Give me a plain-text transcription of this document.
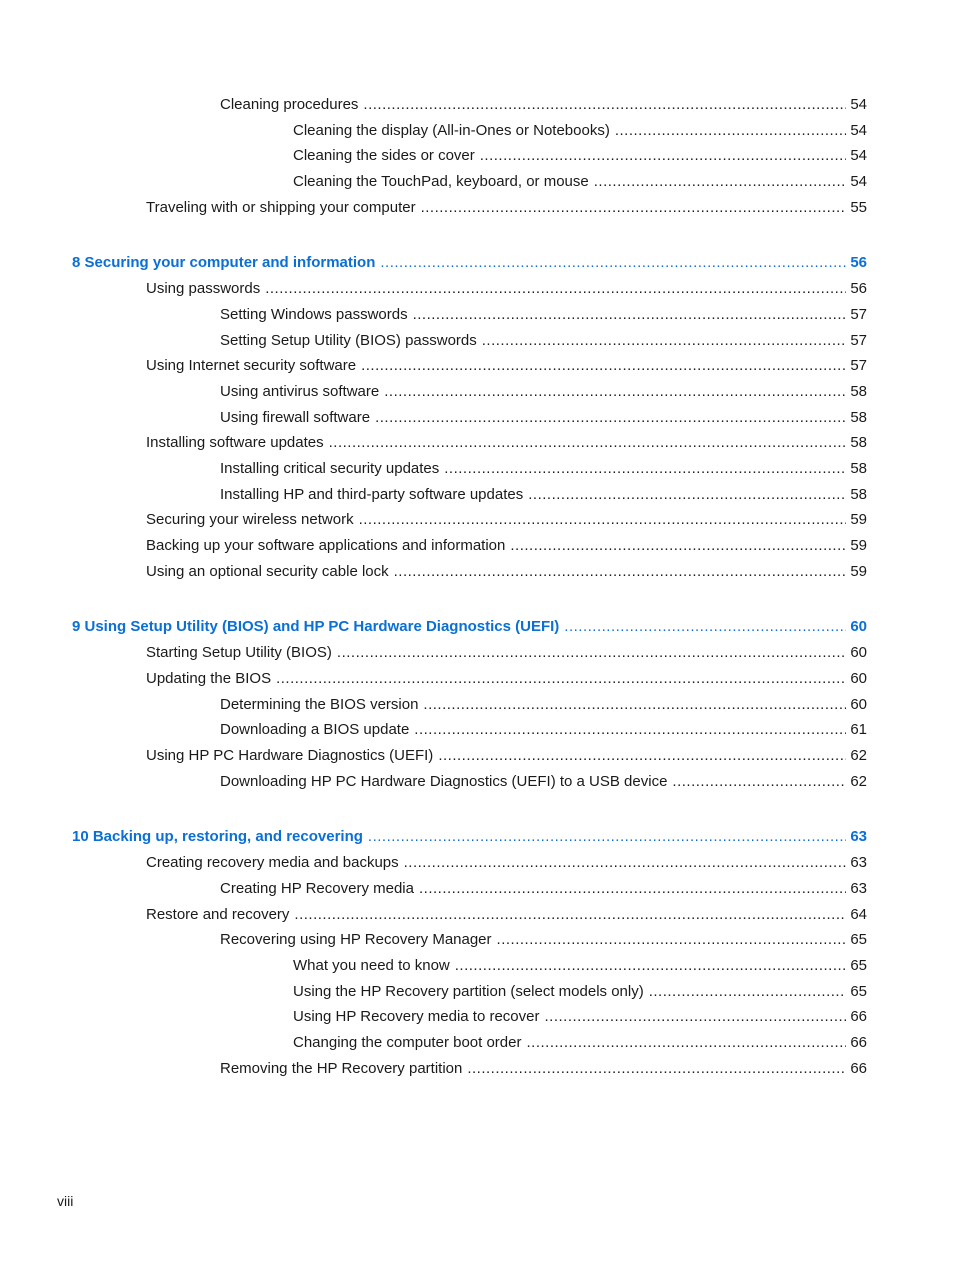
Cleaning procedures .....	54
Cleaning the display (All-in-Ones or Notebooks) .....	54
Cleaning the sides or cover .....	54
Cleaning the TouchPad, keyboard, or mouse .....	54
Traveling with or shipping your computer .....	55
8 Securing your computer and information .....	56
Using passwords .....	56
Setting Windows passwords .....	57
Setting Setup Utility (BIOS) passwords .....	57
Using Internet security software .....	57
Using antivirus software .....	58
Using firewall software .....	58
Installing software updates .....	58
Installing critical security updates .....	58
Installing HP and third-party software updates .....	58
Securing your wireless network .....	59
Backing up your software applications and information .....	59
Using an optional security cable lock .....	59
9 Using Setup Utility (BIOS) and HP PC Hardware Diagnostics (UEFI) .....	60
Starting Setup Utility (BIOS) .....	60
Updating the BIOS .....	60
Determining the BIOS version .....	60
Downloading a BIOS update .....	61
Using HP PC Hardware Diagnostics (UEFI) .....	62
Downloading HP PC Hardware Diagnostics (UEFI) to a USB device .....	62
10 Backing up, restoring, and recovering .....	63
Creating recovery media and backups .....	63
Creating HP Recovery media .....	63
Restore and recovery .....	64
Recovering using HP Recovery Manager .....	65
What you need to know .....	65
Using the HP Recovery partition (select models only) .....	65
Using HP Recovery media to recover .....	66
Changing the computer boot order .....	66
Removing the HP Recovery partition .....	66
viii
